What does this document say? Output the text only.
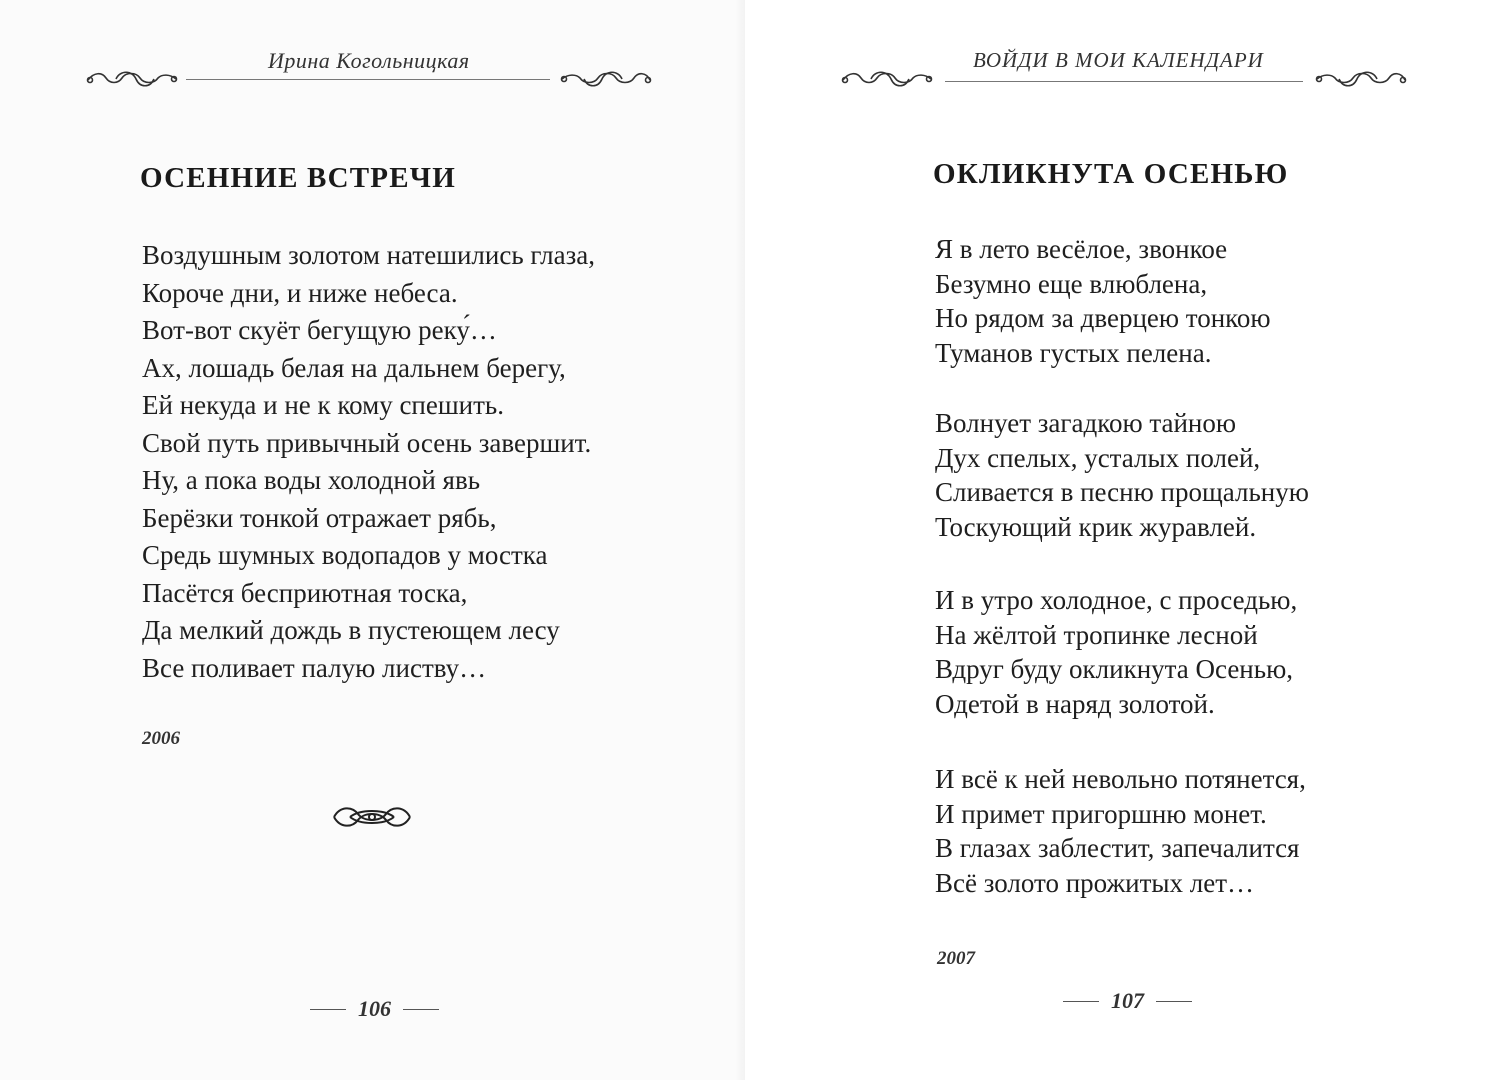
Ирина Когольницкая
ОСЕННИЕ ВСТРЕЧИ
Воздушным золотом натешились глаза,
Короче дни, и ниже небеса.
Вот-вот скуёт бегущую реку́…
Ах, лошадь белая на дальнем берегу,
Ей некуда и не к кому спешить.
Свой путь привычный осень завершит.
Ну, а пока воды холодной явь
Берёзки тонкой отражает рябь,
Средь шумных водопадов у мостка
Пасётся бесприютная тоска,
Да мелкий дождь в пустеющем лесу
Все поливает палую листву…
2006
106
ВОЙДИ В МОИ КАЛЕНДАРИ
ОКЛИКНУТА ОСЕНЬЮ
Я в лето весёлое, звонкое
Безумно еще влюблена,
Но рядом за дверцею тонкою
Туманов густых пелена.
Волнует загадкою тайною
Дух спелых, усталых полей,
Сливается в песню прощальную
Тоскующий крик журавлей.
И в утро холодное, с проседью,
На жёлтой тропинке лесной
Вдруг буду окликнута Осенью,
Одетой в наряд золотой.
И всё к ней невольно потянется,
И примет пригоршню монет.
В глазах заблестит, запечалится
Всё золото прожитых лет…
2007
107
